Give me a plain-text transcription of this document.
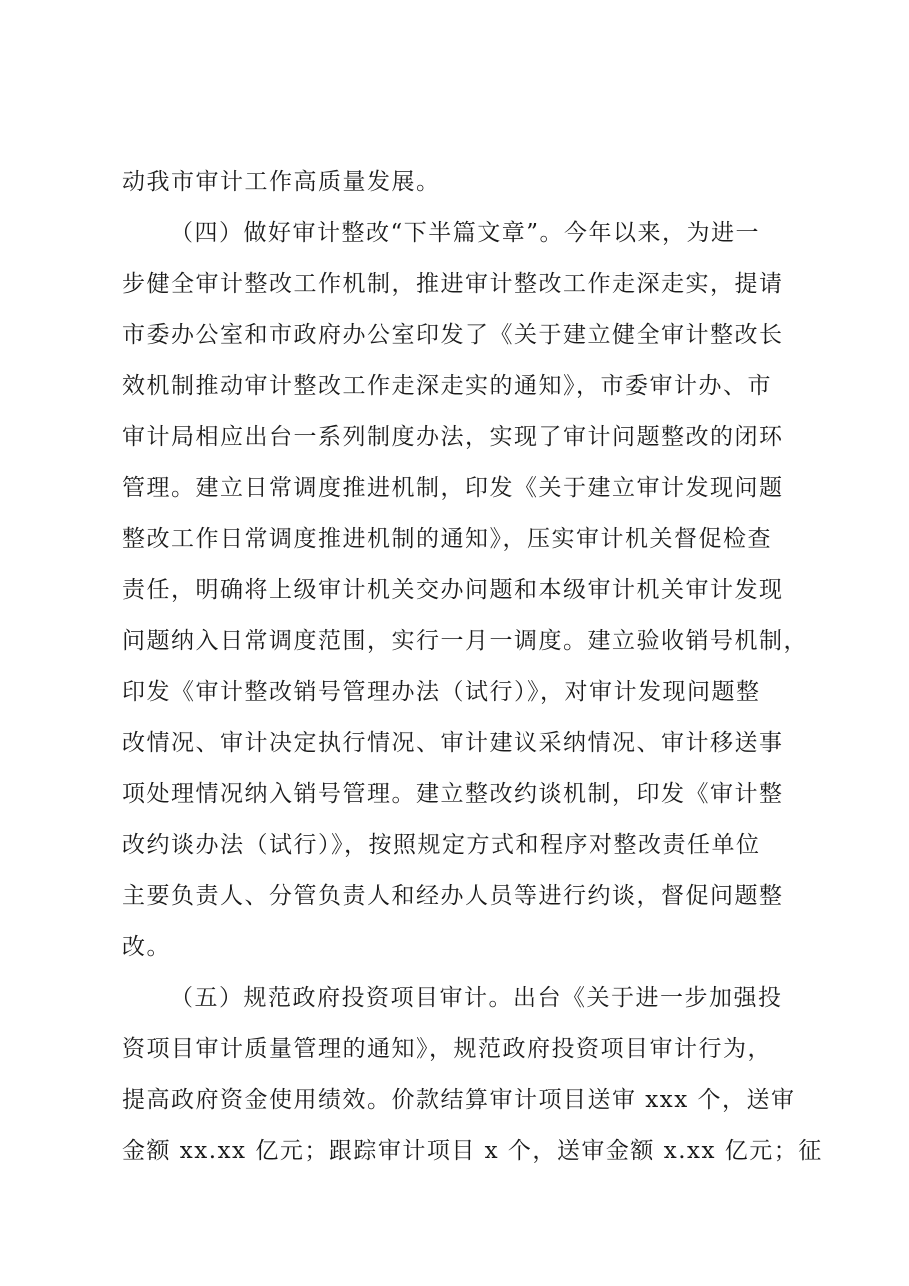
动我市审计工作高质量发展。
（四）做好审计整改“下半篇文章”。今年以来，为进一
步健全审计整改工作机制，推进审计整改工作走深走实，提请
市委办公室和市政府办公室印发了《关于建立健全审计整改长
效机制推动审计整改工作走深走实的通知》，市委审计办、市
审计局相应出台一系列制度办法，实现了审计问题整改的闭环
管理。建立日常调度推进机制，印发《关于建立审计发现问题
整改工作日常调度推进机制的通知》，压实审计机关督促检查
责任，明确将上级审计机关交办问题和本级审计机关审计发现
问题纳入日常调度范围，实行一月一调度。建立验收销号机制，
印发《审计整改销号管理办法（试行）》，对审计发现问题整
改情况、审计决定执行情况、审计建议采纳情况、审计移送事
项处理情况纳入销号管理。建立整改约谈机制，印发《审计整
改约谈办法（试行）》，按照规定方式和程序对整改责任单位
主要负责人、分管负责人和经办人员等进行约谈，督促问题整
改。
（五）规范政府投资项目审计。出台《关于进一步加强投
资项目审计质量管理的通知》，规范政府投资项目审计行为，
提高政府资金使用绩效。价款结算审计项目送审 xxx 个，送审
金额 xx.xx 亿元；跟踪审计项目 x 个，送审金额 x.xx 亿元；征
